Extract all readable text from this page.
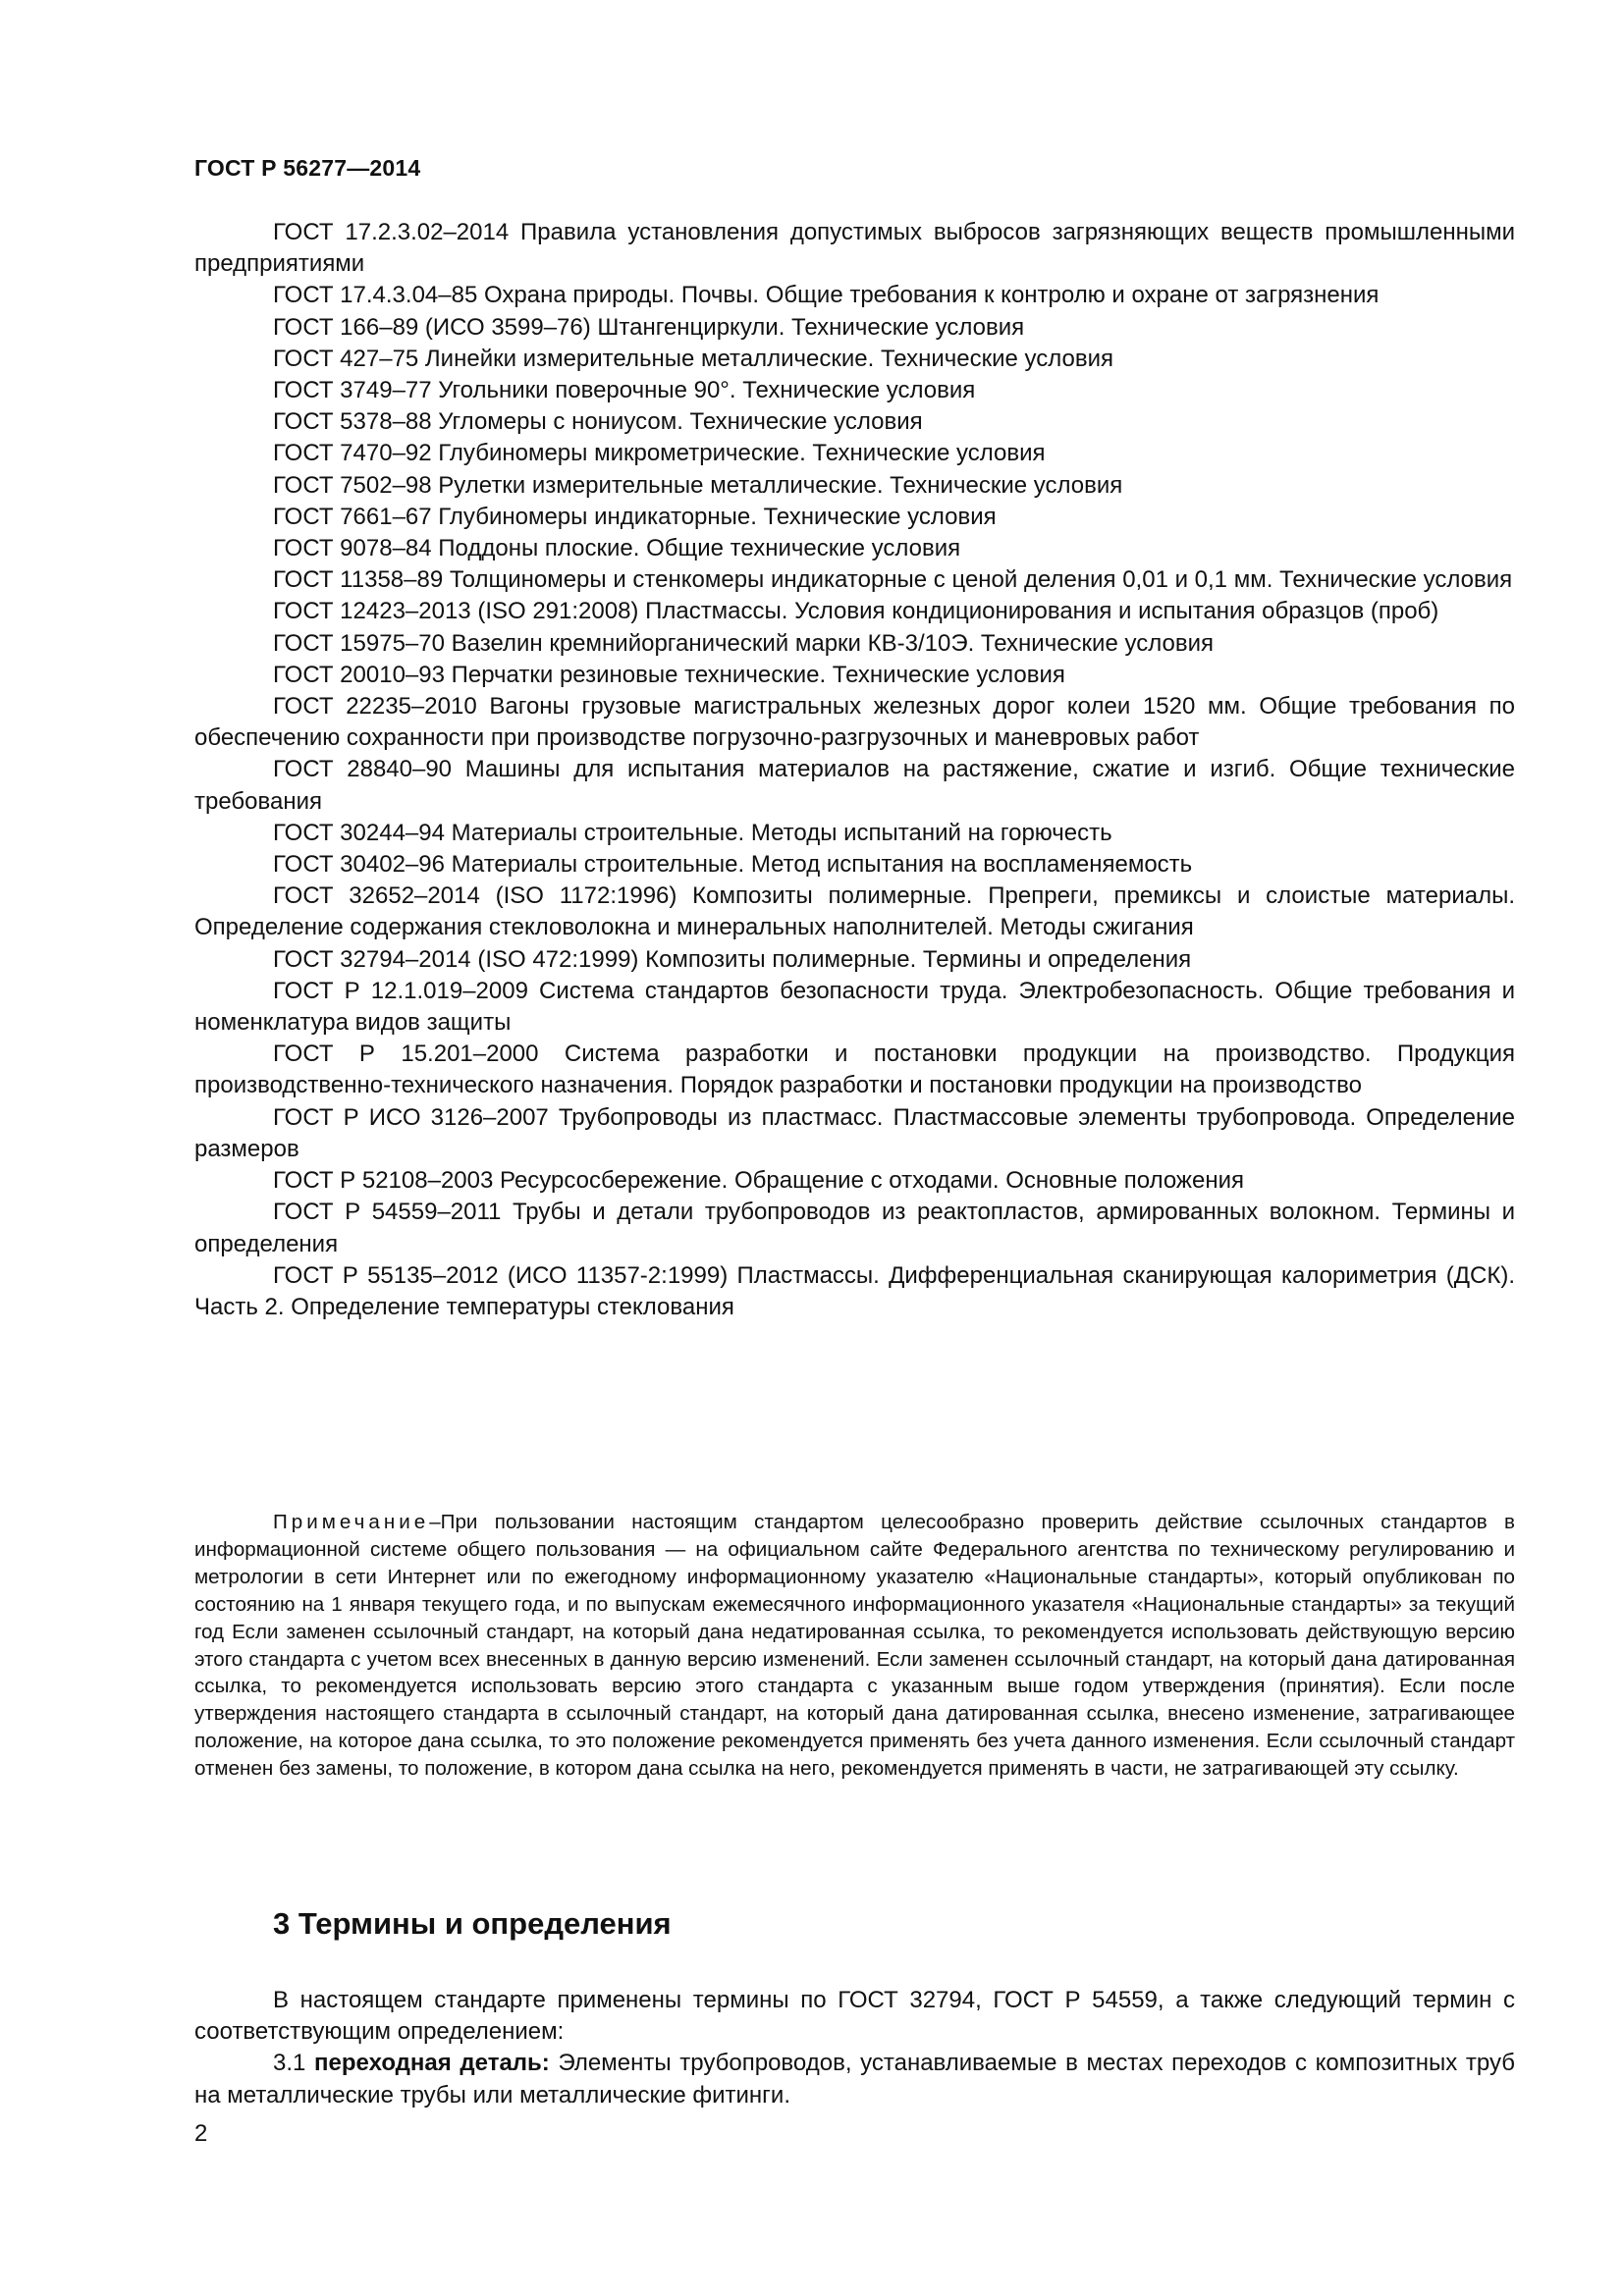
ГОСТ Р 56277—2014

ГОСТ 17.2.3.02–2014 Правила установления допустимых выбросов загрязняющих веществ промышленными предприятиями

ГОСТ 17.4.3.04–85 Охрана природы. Почвы. Общие требования к контролю и охране от загрязнения

ГОСТ 166–89 (ИСО 3599–76) Штангенциркули. Технические условия

ГОСТ 427–75 Линейки измерительные металлические. Технические условия

ГОСТ 3749–77 Угольники поверочные 90°. Технические условия

ГОСТ 5378–88 Угломеры с нониусом. Технические условия

ГОСТ 7470–92 Глубиномеры микрометрические. Технические условия

ГОСТ 7502–98 Рулетки измерительные металлические. Технические условия

ГОСТ 7661–67 Глубиномеры индикаторные. Технические условия

ГОСТ 9078–84 Поддоны плоские. Общие технические условия

ГОСТ 11358–89 Толщиномеры и стенкомеры индикаторные с ценой деления 0,01 и 0,1 мм. Технические условия

ГОСТ 12423–2013 (ISO 291:2008) Пластмассы. Условия кондиционирования и испытания образцов (проб)

ГОСТ 15975–70 Вазелин кремнийорганический марки КВ-3/10Э. Технические условия

ГОСТ 20010–93 Перчатки резиновые технические. Технические условия

ГОСТ 22235–2010 Вагоны грузовые магистральных железных дорог колеи 1520 мм. Общие требования по обеспечению сохранности при производстве погрузочно-разгрузочных и маневровых работ

ГОСТ 28840–90 Машины для испытания материалов на растяжение, сжатие и изгиб. Общие технические требования

ГОСТ 30244–94 Материалы строительные. Методы испытаний на горючесть

ГОСТ 30402–96 Материалы строительные. Метод испытания на воспламеняемость

ГОСТ 32652–2014 (ISO 1172:1996) Композиты полимерные. Препреги, премиксы и слоистые материалы. Определение содержания стекловолокна и минеральных наполнителей. Методы сжигания

ГОСТ 32794–2014 (ISO 472:1999) Композиты полимерные. Термины и определения

ГОСТ Р 12.1.019–2009 Система стандартов безопасности труда. Электробезопасность. Общие требования и номенклатура видов защиты

ГОСТ Р 15.201–2000 Система разработки и постановки продукции на производство. Продукция производственно-технического назначения. Порядок разработки и постановки продукции на производство

ГОСТ Р ИСО 3126–2007 Трубопроводы из пластмасс. Пластмассовые элементы трубопровода. Определение размеров

ГОСТ Р 52108–2003 Ресурсосбережение. Обращение с отходами. Основные положения

ГОСТ Р 54559–2011 Трубы и детали трубопроводов из реактопластов, армированных волокном. Термины и определения

ГОСТ Р 55135–2012 (ИСО 11357-2:1999) Пластмассы. Дифференциальная сканирующая калориметрия (ДСК). Часть 2. Определение температуры стеклования

Примечание–При пользовании настоящим стандартом целесообразно проверить действие ссылочных стандартов в информационной системе общего пользования — на официальном сайте Федерального агентства по техническому регулированию и метрологии в сети Интернет или по ежегодному информационному указателю «Национальные стандарты», который опубликован по состоянию на 1 января текущего года, и по выпускам ежемесячного информационного указателя «Национальные стандарты» за текущий год Если заменен ссылочный стандарт, на который дана недатированная ссылка, то рекомендуется использовать действующую версию этого стандарта с учетом всех внесенных в данную версию изменений. Если заменен ссылочный стандарт, на который дана датированная ссылка, то рекомендуется использовать версию этого стандарта с указанным выше годом утверждения (принятия). Если после утверждения настоящего стандарта в ссылочный стандарт, на который дана датированная ссылка, внесено изменение, затрагивающее положение, на которое дана ссылка, то это положение рекомендуется применять без учета данного изменения. Если ссылочный стандарт отменен без замены, то положение, в котором дана ссылка на него, рекомендуется применять в части, не затрагивающей эту ссылку.

3 Термины и определения

В настоящем стандарте применены термины по ГОСТ 32794, ГОСТ Р 54559, а также следующий термин с соответствующим определением:

3.1 переходная деталь: Элементы трубопроводов, устанавливаемые в местах переходов с композитных труб на металлические трубы или металлические фитинги.

2
